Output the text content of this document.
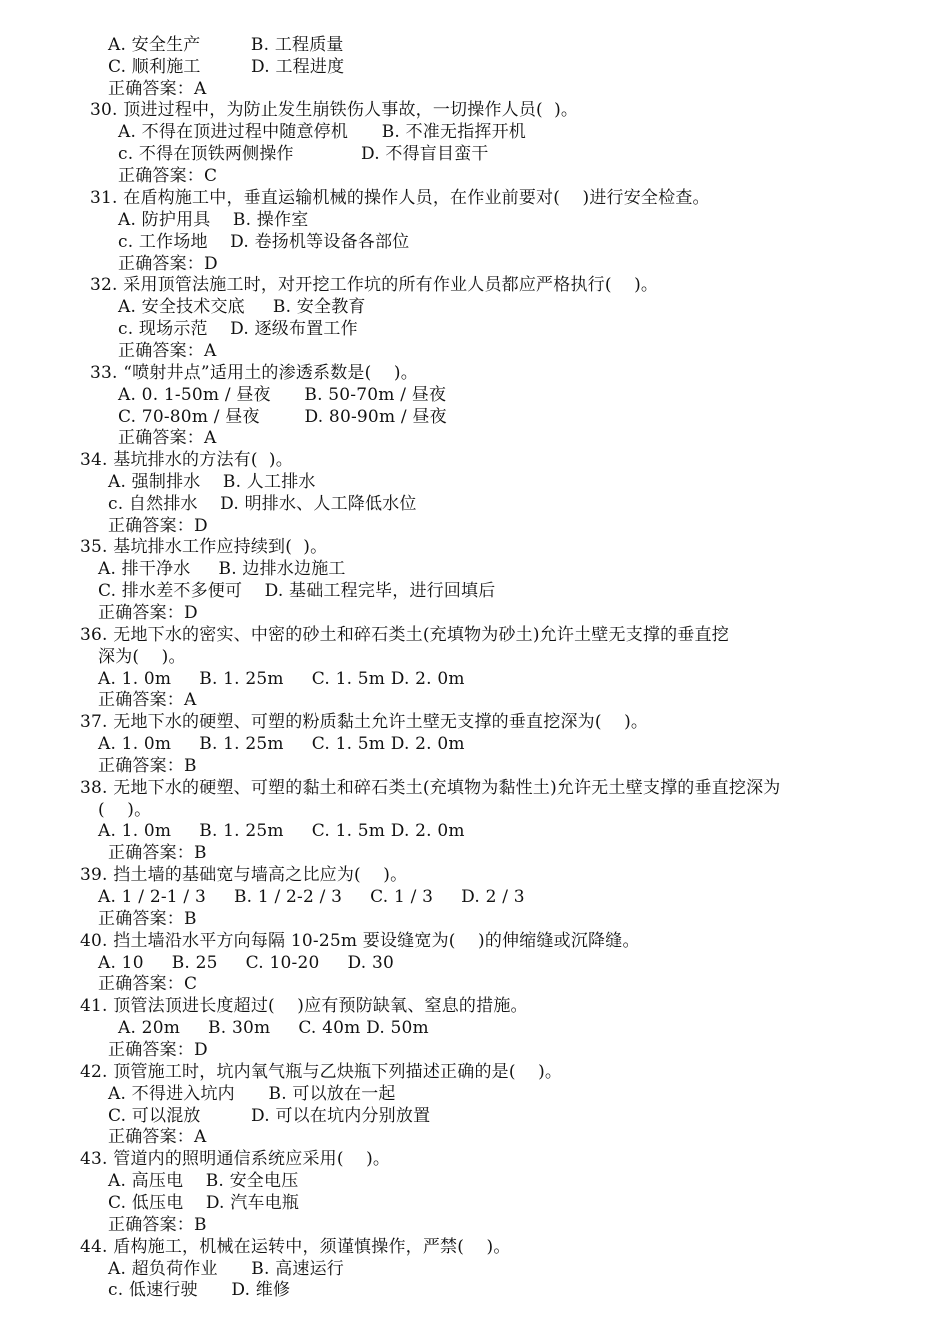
A. 安全生产         B. 工程质量
C. 顺利施工         D. 工程进度
正确答案：A
30. 顶进过程中，为防止发生崩铁伤人事故，一切操作人员(  )。
A. 不得在顶进过程中随意停机      B. 不准无指挥开机
c. 不得在顶铁两侧操作            D. 不得盲目蛮干
正确答案：C
31. 在盾构施工中，垂直运输机械的操作人员，在作业前要对(    )进行安全检查。
A. 防护用具    B. 操作室
c. 工作场地    D. 卷扬机等设备各部位
正确答案：D
32. 采用顶管法施工时，对开挖工作坑的所有作业人员都应严格执行(    )。
A. 安全技术交底     B. 安全教育
c. 现场示范    D. 逐级布置工作
正确答案：A
33. “喷射井点”适用土的渗透系数是(    )。
A. 0. 1-50m / 昼夜      B. 50-70m / 昼夜
C. 70-80m / 昼夜        D. 80-90m / 昼夜
正确答案：A
34. 基坑排水的方法有(  )。
A. 强制排水    B. 人工排水
c. 自然排水    D. 明排水、人工降低水位
正确答案：D
35. 基坑排水工作应持续到(  )。
A. 排干净水     B. 边排水边施工
C. 排水差不多便可    D. 基础工程完毕，进行回填后
正确答案：D
36. 无地下水的密实、中密的砂土和碎石类土(充填物为砂土)允许土壁无支撑的垂直挖
深为(    )。
A. 1. 0m     B. 1. 25m     C. 1. 5m D. 2. 0m
正确答案：A
37. 无地下水的硬塑、可塑的粉质黏土允许土壁无支撑的垂直挖深为(    )。
A. 1. 0m     B. 1. 25m     C. 1. 5m D. 2. 0m
正确答案：B
38. 无地下水的硬塑、可塑的黏土和碎石类土(充填物为黏性土)允许无土壁支撑的垂直挖深为
(    )。
A. 1. 0m     B. 1. 25m     C. 1. 5m D. 2. 0m
正确答案：B
39. 挡土墙的基础宽与墙高之比应为(    )。
A. 1 / 2-1 / 3     B. 1 / 2-2 / 3     C. 1 / 3     D. 2 / 3
正确答案：B
40. 挡土墙沿水平方向每隔 10-25m 要设缝宽为(    )的伸缩缝或沉降缝。
A. 10     B. 25     C. 10-20     D. 30
正确答案：C
41. 顶管法顶进长度超过(    )应有预防缺氧、窒息的措施。
A. 20m     B. 30m     C. 40m D. 50m
正确答案：D
42. 顶管施工时，坑内氧气瓶与乙炔瓶下列描述正确的是(    )。
A. 不得进入坑内      B. 可以放在一起
C. 可以混放         D. 可以在坑内分别放置
正确答案：A
43. 管道内的照明通信系统应采用(    )。
A. 高压电    B. 安全电压
C. 低压电    D. 汽车电瓶
正确答案：B
44. 盾构施工，机械在运转中，须谨慎操作，严禁(    )。
A. 超负荷作业      B. 高速运行
c. 低速行驶      D. 维修
